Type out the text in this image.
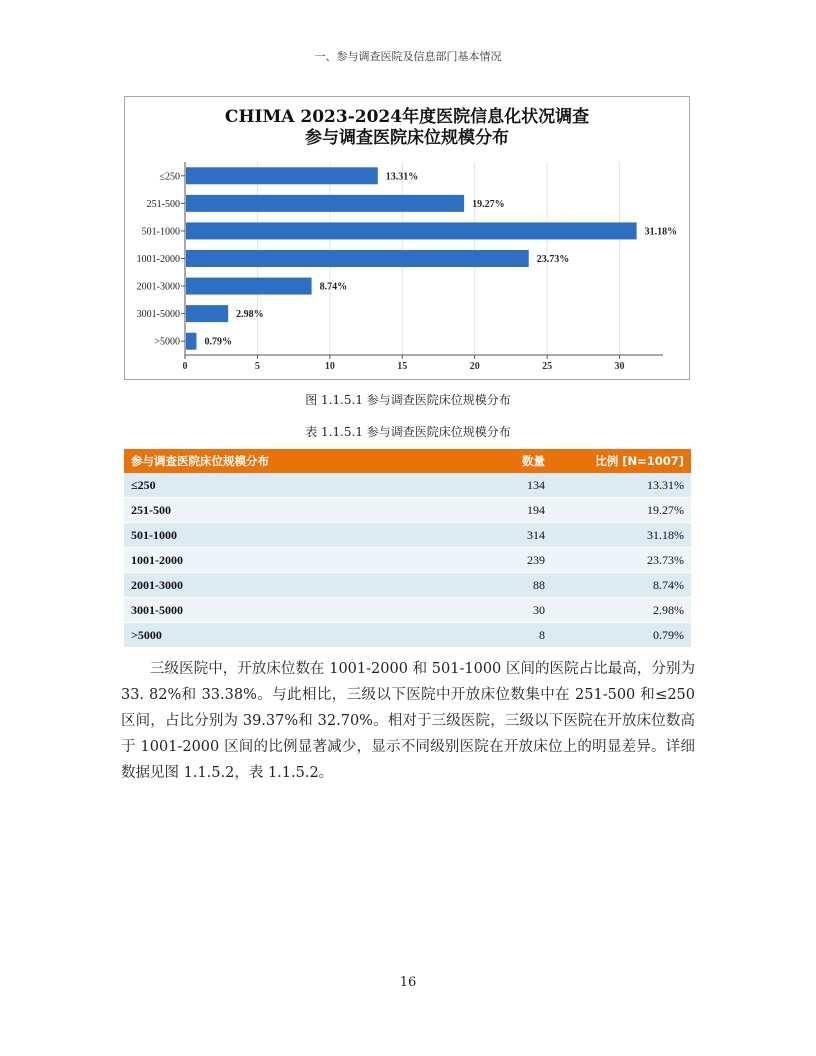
一、参与调查医院及信息部门基本情况
0	5	10	15	20	25	30
≤250	13.31%
251-500	19.27%
501-1000	31.18%
1001-2000	23.73%
2001-3000	8.74%
3001-5000	2.98%
>5000 0.79%
CHIMA 2023-2024年度医院信息化状况调查
参与调查医院床位规模分布
图 1.1.5.1 参与调查医院床位规模分布
表 1.1.5.1 参与调查医院床位规模分布
参与调查医院床位规模分布	数量	比例 [N=1007]
≤250	134	13.31%
251-500	194	19.27%
501-1000	314	31.18%
1001-2000	239	23.73%
2001-3000	88	8.74%
3001-5000	30	2.98%
>5000	8	0.79%
三级医院中，开放床位数在 1001-2000 和 501-1000 区间的医院占比最高，分别为 33. 82%和 33.38%。与此相比，三级以下医院中开放床位数集中在 251-500 和≤250 区间，占比分别为 39.37%和 32.70%。相对于三级医院，三级以下医院在开放床位数高于 1001-2000 区间的比例显著减少，显示不同级别医院在开放床位上的明显差异。详细数据见图 1.1.5.2，表 1.1.5.2。
16
